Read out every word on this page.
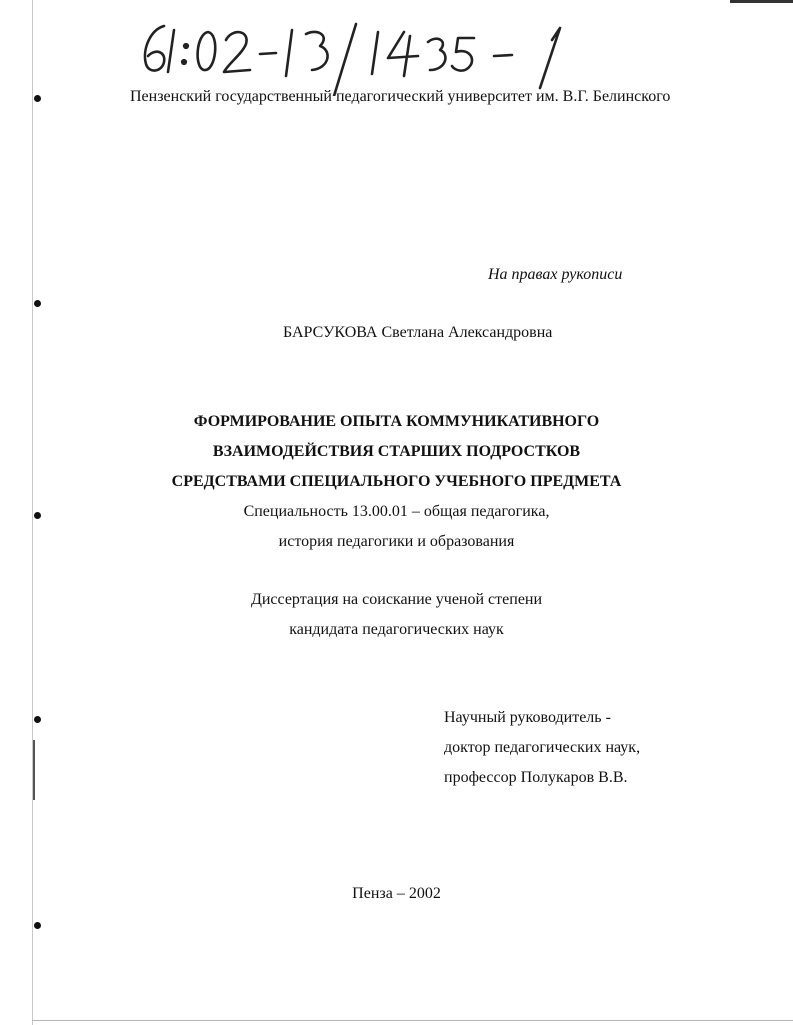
Пензенский государственный педагогический университет им. В.Г. Белинского
На правах рукописи
БАРСУКОВА Светлана Александровна
ФОРМИРОВАНИЕ ОПЫТА КОММУНИКАТИВНОГО
ВЗАИМОДЕЙСТВИЯ СТАРШИХ ПОДРОСТКОВ
СРЕДСТВАМИ СПЕЦИАЛЬНОГО УЧЕБНОГО ПРЕДМЕТА
Специальность 13.00.01 – общая педагогика,
история педагогики и образования
Диссертация на соискание ученой степени
кандидата педагогических наук
Научный руководитель -
доктор педагогических наук,
профессор Полукаров В.В.
Пенза – 2002
